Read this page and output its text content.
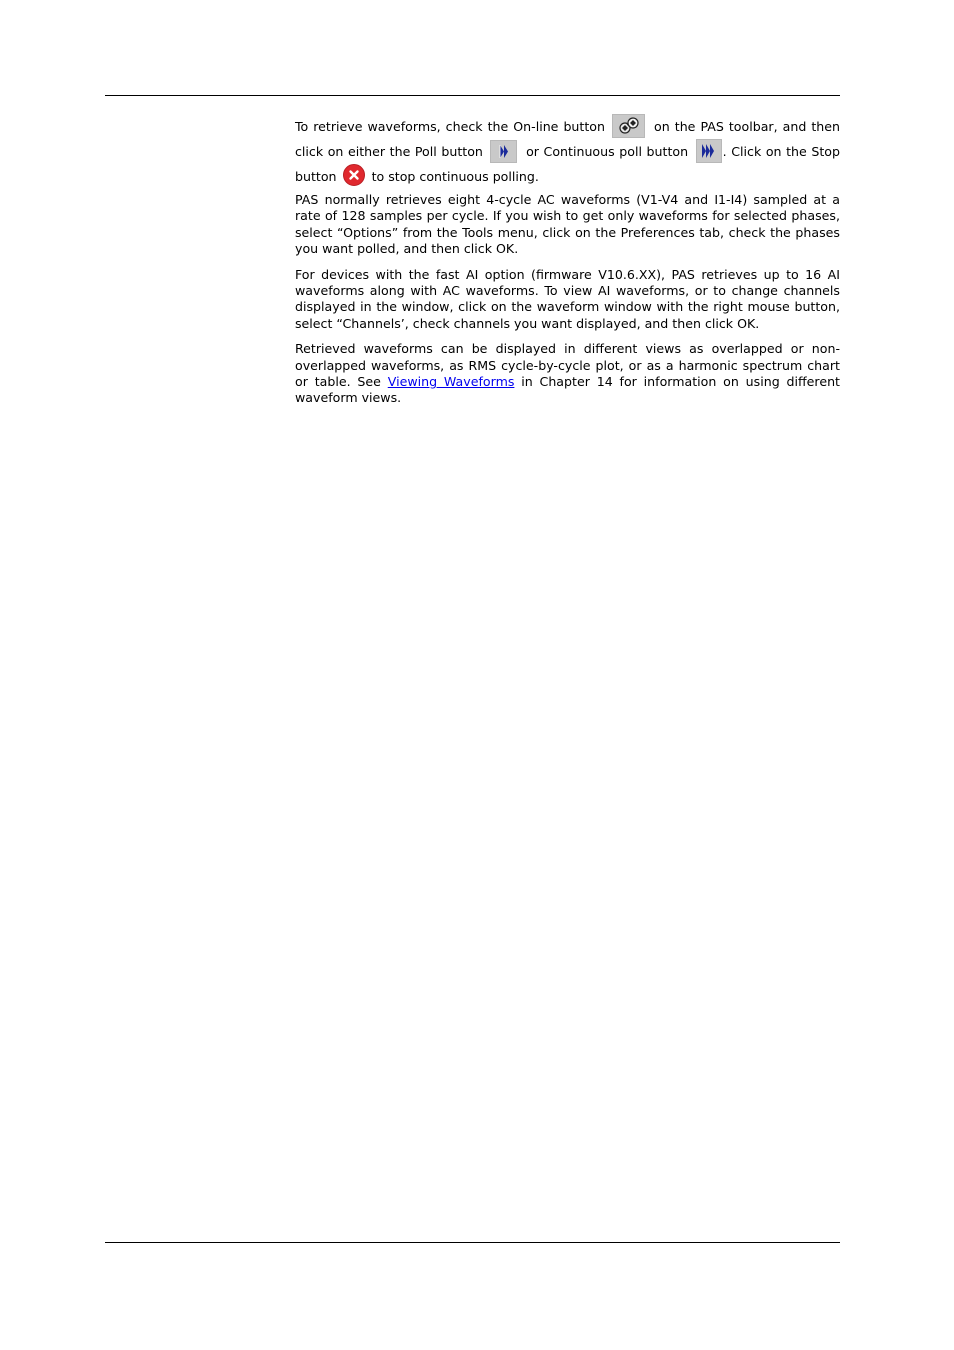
To retrieve waveforms, check the On-line button	on the PAS toolbar, and then click on either the Poll button	or Continuous poll button	. Click on the Stop button	to stop continuous polling.

PAS normally retrieves eight 4-cycle AC waveforms (V1-V4 and I1-I4) sampled at a rate of 128 samples per cycle. If you wish to get only waveforms for selected phases, select “Options” from the Tools menu, click on the Preferences tab, check the phases you want polled, and then click OK.

For devices with the fast AI option (firmware V10.6.XX), PAS retrieves up to 16 AI waveforms along with AC waveforms. To view AI waveforms, or to change channels displayed in the window, click on the waveform window with the right mouse button, select “Channels’, check channels you want displayed, and then click OK.

Retrieved waveforms can be displayed in different views as overlapped or non-overlapped waveforms, as RMS cycle-by-cycle plot, or as a harmonic spectrum chart or table. See Viewing Waveforms in Chapter 14 for information on using different waveform views.
